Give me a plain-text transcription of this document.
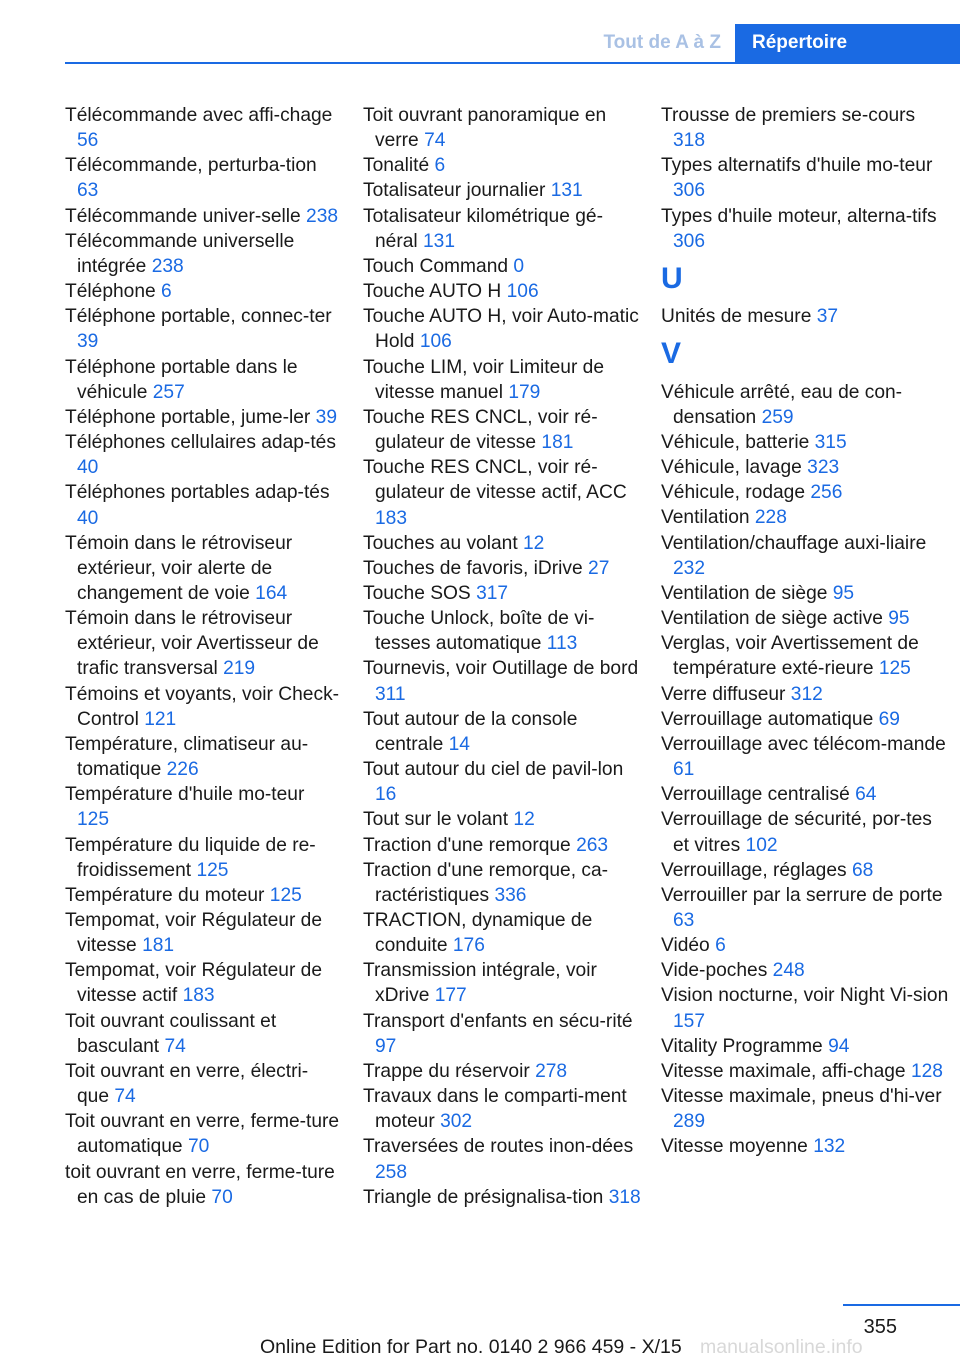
Tout de A à Z	Répertoire
Télécommande avec affi-chage 56
Télécommande, perturba-tion 63
Télécommande univer-selle 238
Télécommande universelle intégrée 238
Téléphone 6
Téléphone portable, connec-ter 39
Téléphone portable dans le véhicule 257
Téléphone portable, jume-ler 39
Téléphones cellulaires adap-tés 40
Téléphones portables adap-tés 40
Témoin dans le rétroviseur extérieur, voir alerte de changement de voie 164
Témoin dans le rétroviseur extérieur, voir Avertisseur de trafic transversal 219
Témoins et voyants, voir Check-Control 121
Température, climatiseur au-tomatique 226
Température d'huile mo-teur 125
Température du liquide de re-froidissement 125
Température du moteur 125
Tempomat, voir Régulateur de vitesse 181
Tempomat, voir Régulateur de vitesse actif 183
Toit ouvrant coulissant et basculant 74
Toit ouvrant en verre, électri-que 74
Toit ouvrant en verre, ferme-ture automatique 70
toit ouvrant en verre, ferme-ture en cas de pluie 70
Toit ouvrant panoramique en verre 74
Tonalité 6
Totalisateur journalier 131
Totalisateur kilométrique gé-néral 131
Touch Command 0
Touche AUTO H 106
Touche AUTO H, voir Auto-matic Hold 106
Touche LIM, voir Limiteur de vitesse manuel 179
Touche RES CNCL, voir ré-gulateur de vitesse 181
Touche RES CNCL, voir ré-gulateur de vitesse actif, ACC 183
Touches au volant 12
Touches de favoris, iDrive 27
Touche SOS 317
Touche Unlock, boîte de vi-tesses automatique 113
Tournevis, voir Outillage de bord 311
Tout autour de la console centrale 14
Tout autour du ciel de pavil-lon 16
Tout sur le volant 12
Traction d'une remorque 263
Traction d'une remorque, ca-ractéristiques 336
TRACTION, dynamique de conduite 176
Transmission intégrale, voir xDrive 177
Transport d'enfants en sécu-rité 97
Trappe du réservoir 278
Travaux dans le comparti-ment moteur 302
Traversées de routes inon-dées 258
Triangle de présignalisa-tion 318
Trousse de premiers se-cours 318
Types alternatifs d'huile mo-teur 306
Types d'huile moteur, alterna-tifs 306
U
Unités de mesure 37
V
Véhicule arrêté, eau de con-densation 259
Véhicule, batterie 315
Véhicule, lavage 323
Véhicule, rodage 256
Ventilation 228
Ventilation/chauffage auxi-liaire 232
Ventilation de siège 95
Ventilation de siège active 95
Verglas, voir Avertissement de température exté-rieure 125
Verre diffuseur 312
Verrouillage automatique 69
Verrouillage avec télécom-mande 61
Verrouillage centralisé 64
Verrouillage de sécurité, por-tes et vitres 102
Verrouillage, réglages 68
Verrouiller par la serrure de porte 63
Vidéo 6
Vide-poches 248
Vision nocturne, voir Night Vi-sion 157
Vitality Programme 94
Vitesse maximale, affi-chage 128
Vitesse maximale, pneus d'hi-ver 289
Vitesse moyenne 132
355
Online Edition for Part no. 0140 2 966 459 - X/15 manualsonline.info
